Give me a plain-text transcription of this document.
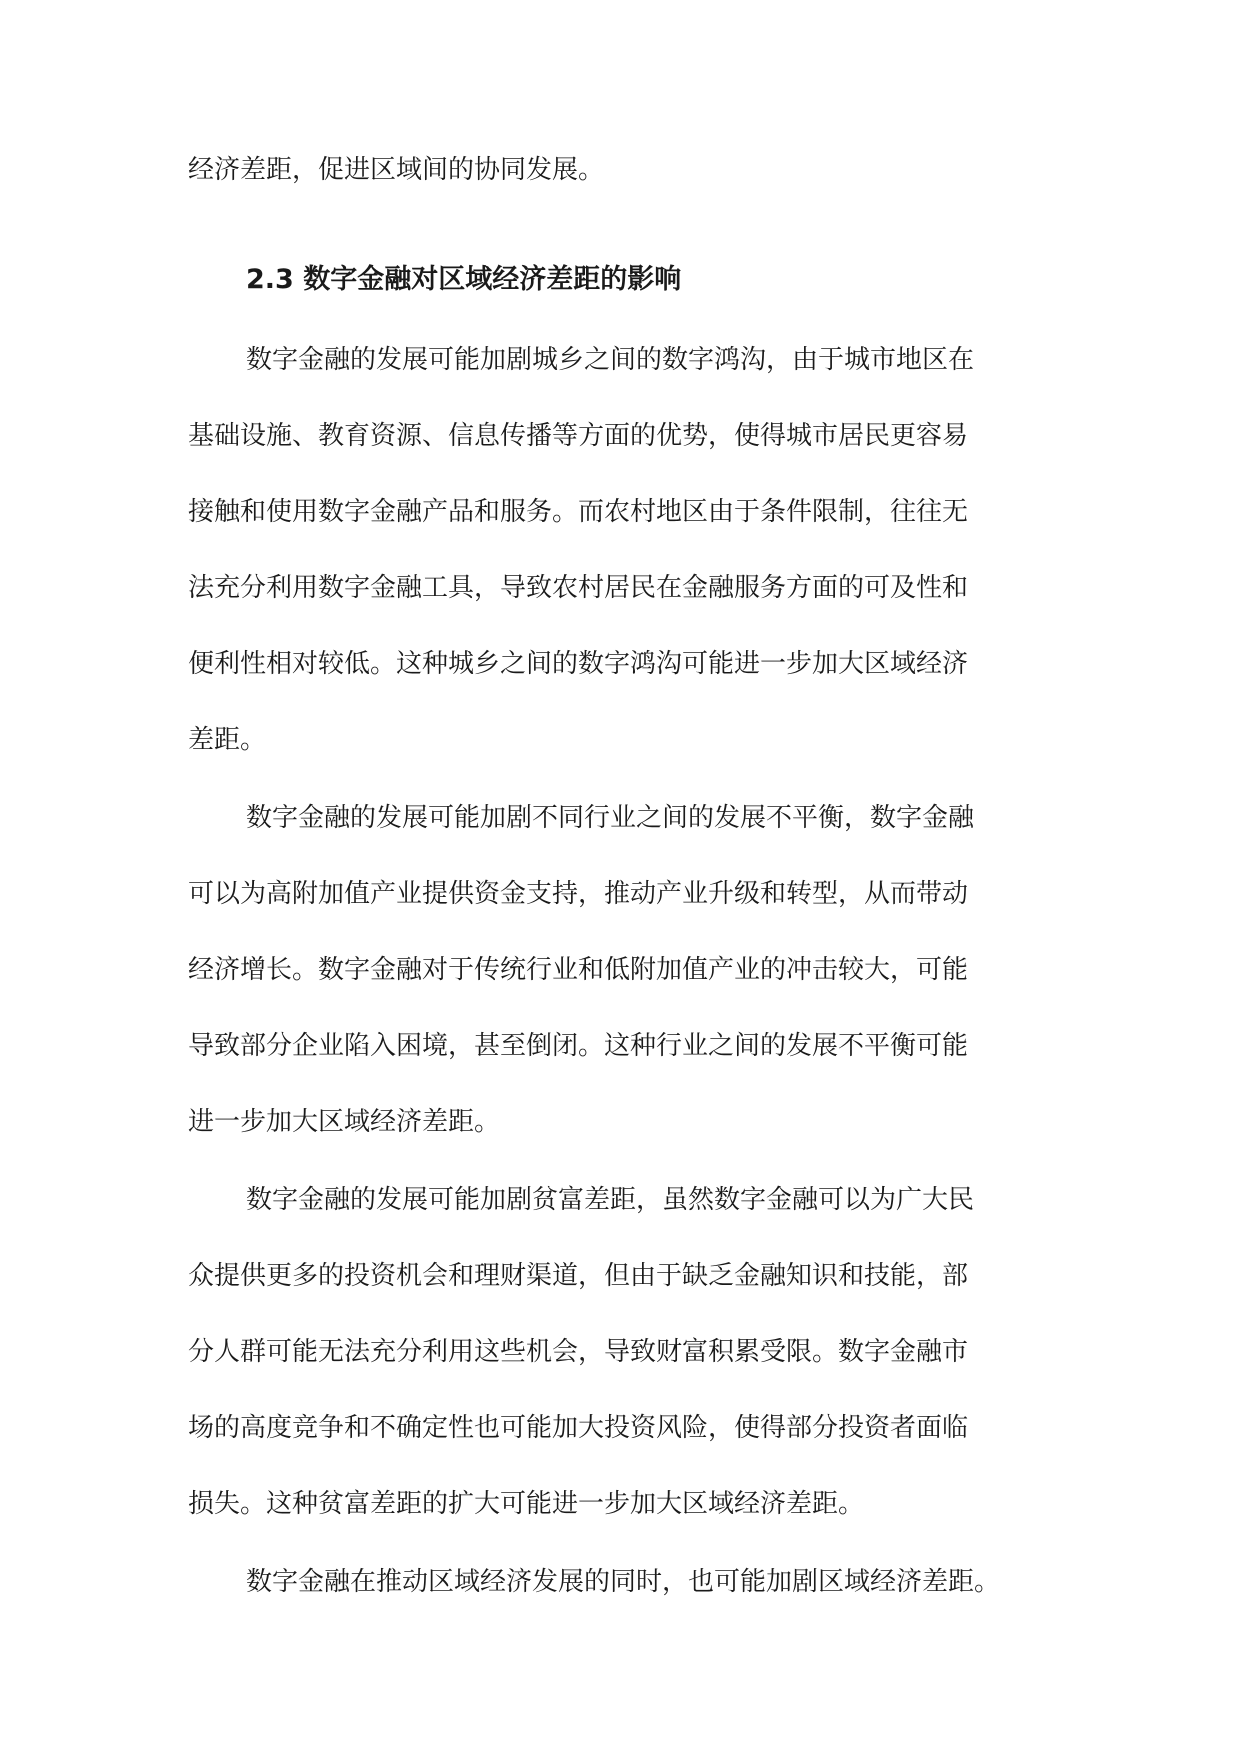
经济差距，促进区域间的协同发展。
2.3 数字金融对区域经济差距的影响
数字金融的发展可能加剧城乡之间的数字鸿沟，由于城市地区在
基础设施、教育资源、信息传播等方面的优势，使得城市居民更容易
接触和使用数字金融产品和服务。而农村地区由于条件限制，往往无
法充分利用数字金融工具，导致农村居民在金融服务方面的可及性和
便利性相对较低。这种城乡之间的数字鸿沟可能进一步加大区域经济
差距。
数字金融的发展可能加剧不同行业之间的发展不平衡，数字金融
可以为高附加值产业提供资金支持，推动产业升级和转型，从而带动
经济增长。数字金融对于传统行业和低附加值产业的冲击较大，可能
导致部分企业陷入困境，甚至倒闭。这种行业之间的发展不平衡可能
进一步加大区域经济差距。
数字金融的发展可能加剧贫富差距，虽然数字金融可以为广大民
众提供更多的投资机会和理财渠道，但由于缺乏金融知识和技能，部
分人群可能无法充分利用这些机会，导致财富积累受限。数字金融市
场的高度竞争和不确定性也可能加大投资风险，使得部分投资者面临
损失。这种贫富差距的扩大可能进一步加大区域经济差距。
数字金融在推动区域经济发展的同时，也可能加剧区域经济差距。
